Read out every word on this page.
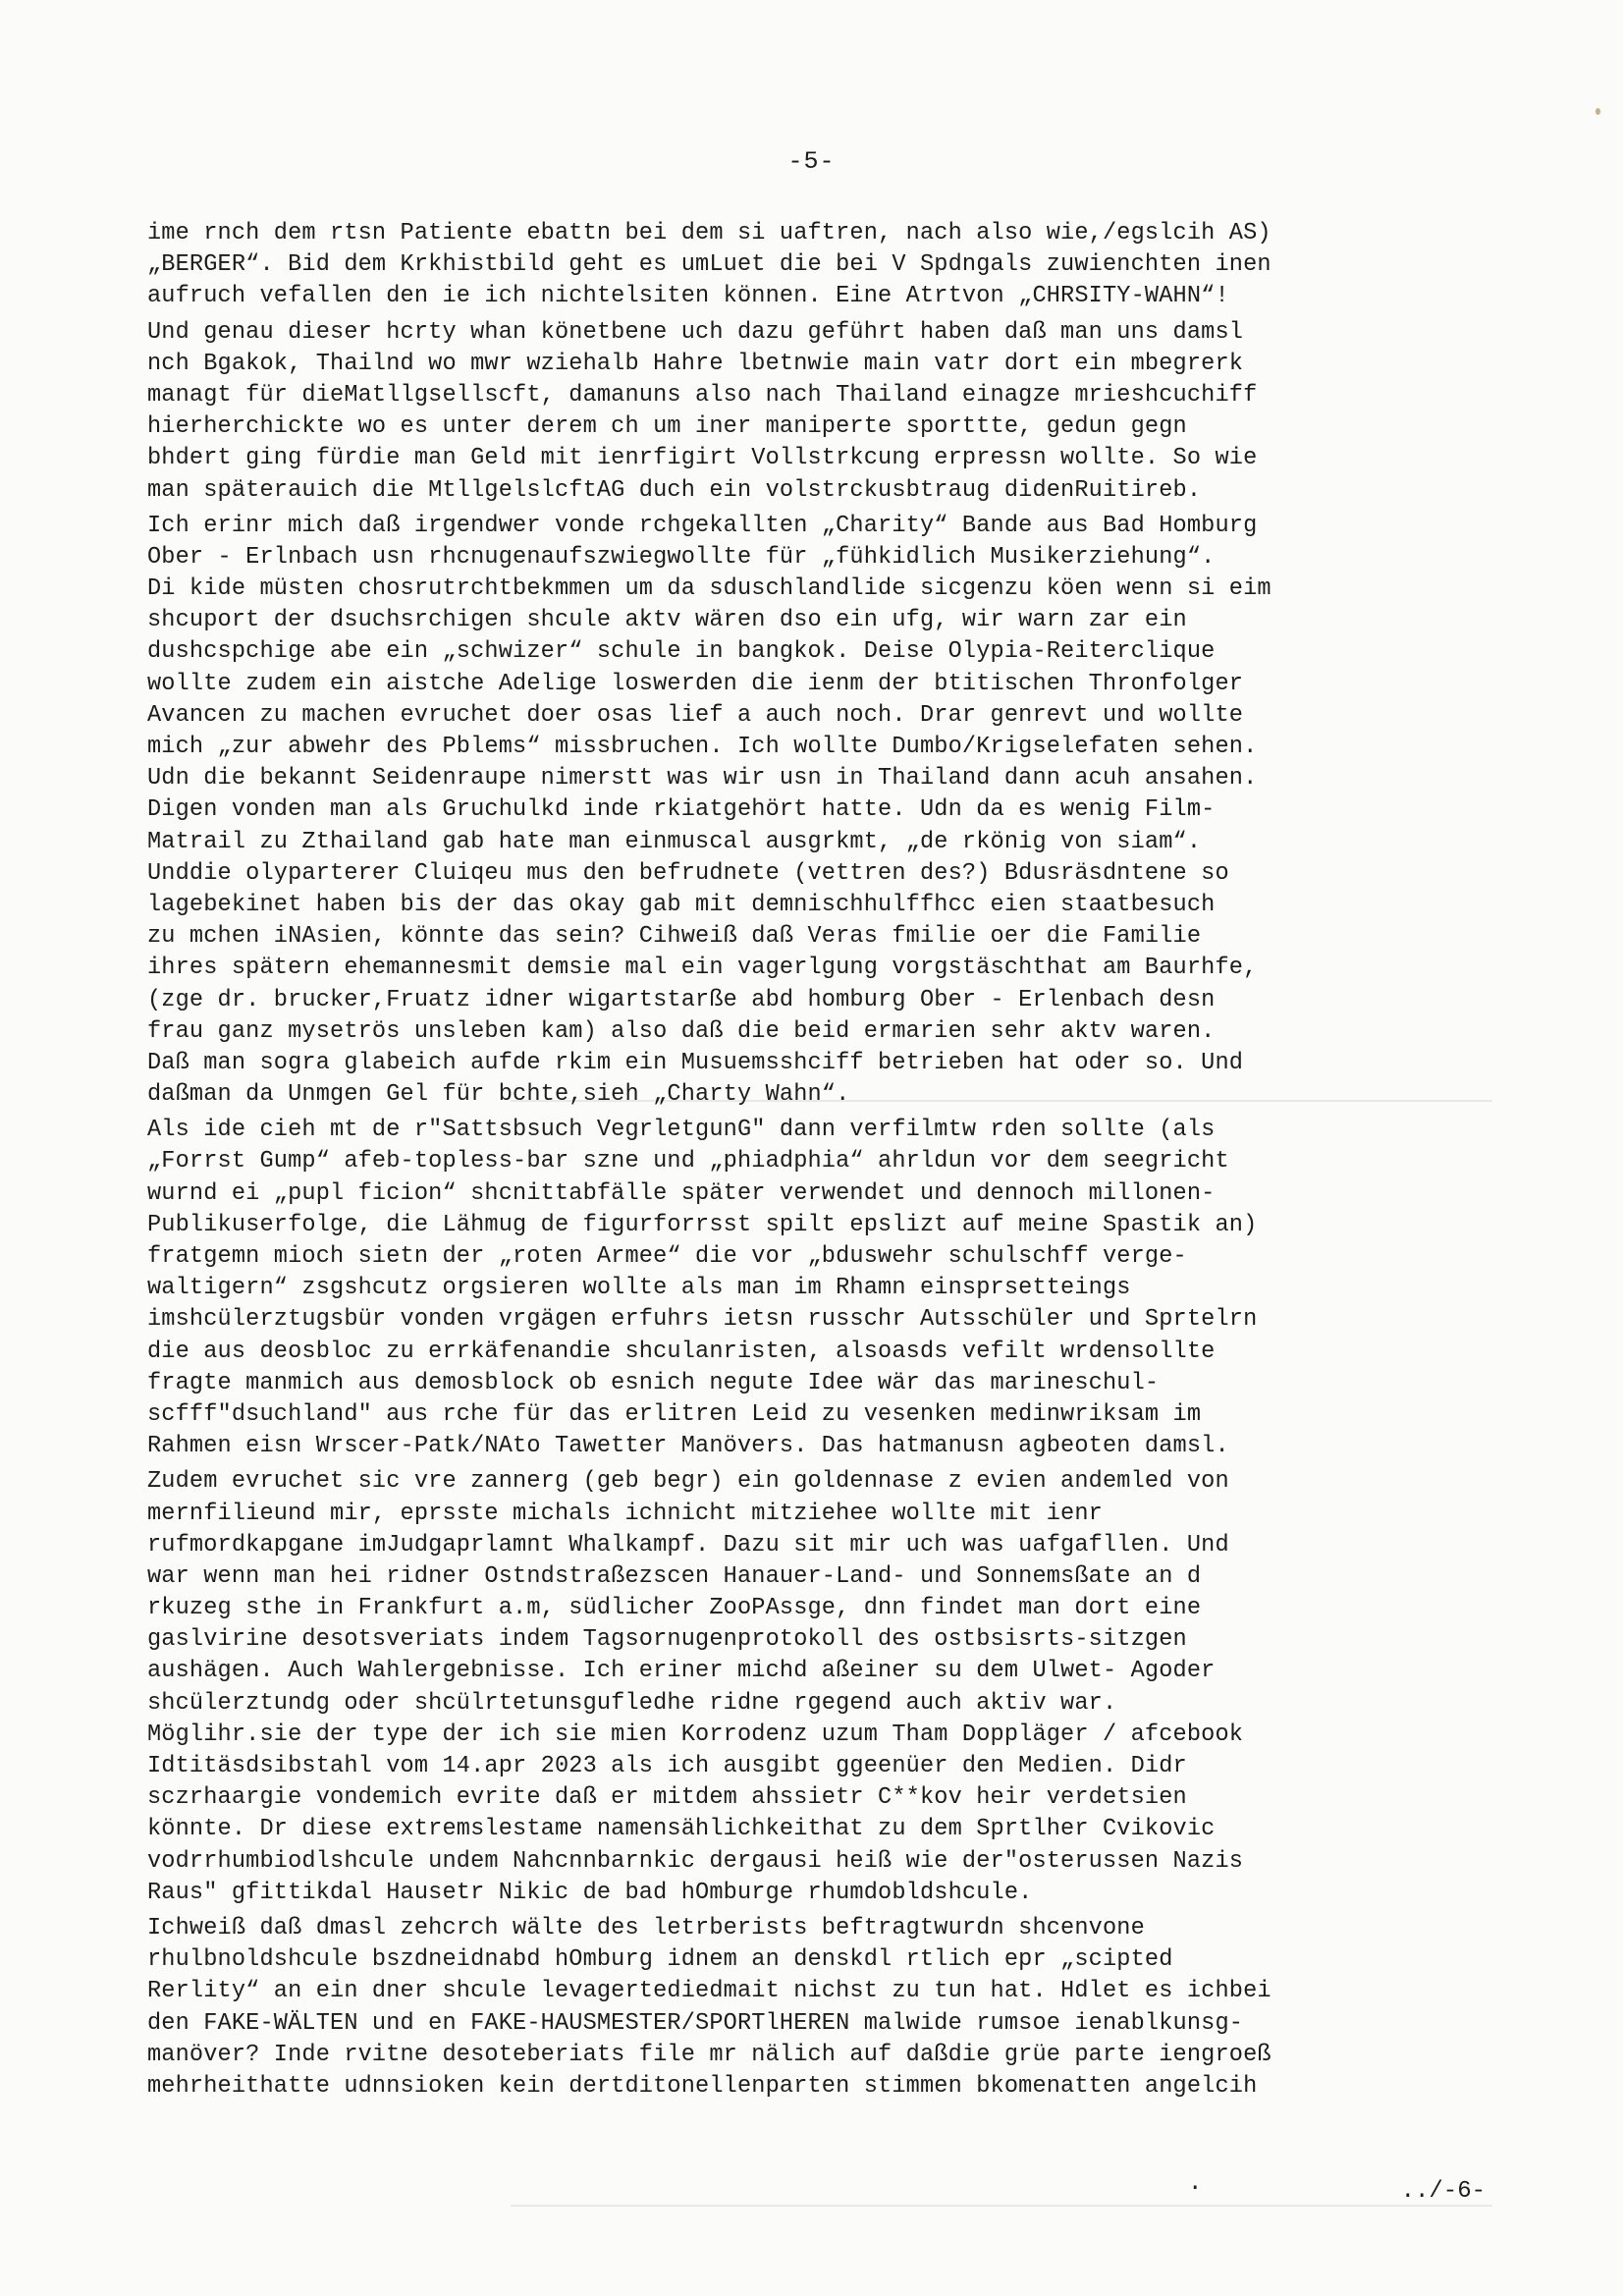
-5-
ime rnch dem rtsn Patiente ebattn bei dem si uaftren, nach also wie,/egslcih AS)
„BERGER“. Bid dem Krkhistbild geht es umLuet die bei V Spdngals zuwienchten inen
aufruch vefallen den ie ich nichtelsiten können. Eine Atrtvon „CHRSITY-WAHN“!
Und genau dieser hcrty whan könetbene uch dazu geführt haben daß man uns damsl
nch Bgakok, Thailnd wo mwr wziehalb Hahre lbetnwie main vatr dort ein mbegrerk
managt für dieMatllgsellscft, damanuns also nach Thailand einagze mrieshcuchiff
hierherchickte wo es unter derem ch um iner maniperte sporttte, gedun gegn
bhdert ging fürdie man Geld mit ienrfigirt Vollstrkcung erpressn wollte. So wie
man späterauich die MtllgelslcftAG duch ein volstrckusbtraug didenRuitireb.
Ich erinr mich daß irgendwer vonde rchgekallten „Charity“ Bande aus Bad Homburg
Ober - Erlnbach usn rhcnugenaufszwiegwollte für „fühkidlich Musikerziehung“.
Di kide müsten chosrutrchtbekmmen um da sduschlandlide sicgenzu köen wenn si eim
shcuport der dsuchsrchigen shcule aktv wären dso ein ufg, wir warn zar ein
dushcspchige abe ein „schwizer“ schule in bangkok. Deise Olypia-Reiterclique
wollte zudem ein aistche Adelige loswerden die ienm der btitischen Thronfolger
Avancen zu machen evruchet doer osas lief a auch noch. Drar genrevt und wollte
mich „zur abwehr des Pblems“ missbruchen. Ich wollte Dumbo/Krigselefaten sehen.
Udn die bekannt Seidenraupe nimerstt was wir usn in Thailand dann acuh ansahen.
Digen vonden man als Gruchulkd inde rkiatgehört hatte. Udn da es wenig Film-
Matrail zu Zthailand gab hate man einmuscal ausgrkmt, „de rkönig von siam“.
Unddie olyparterer Cluiqeu mus den befrudnete (vettren des?) Bdusräsdntene so
lagebekinet haben bis der das okay gab mit demnischhulffhcc eien staatbesuch
zu mchen iNAsien, könnte das sein? Cihweiß daß Veras fmilie oer die Familie
ihres spätern ehemannesmit demsie mal ein vagerlgung vorgstäschthat am Baurhfe,
(zge dr. brucker,Fruatz idner wigartstarße abd homburg Ober - Erlenbach desn
frau ganz mysetrös unsleben kam) also daß die beid ermarien sehr aktv waren.
Daß man sogra glabeich aufde rkim ein Musuemsshciff betrieben hat oder so. Und
daßman da Unmgen Gel für bchte,sieh „Charty Wahn“.
Als ide cieh mt de r"Sattsbsuch VegrletgunG" dann verfilmtw rden sollte (als
„Forrst Gump“ afeb-topless-bar szne und „phiadphia“ ahrldun vor dem seegricht
wurnd ei „pupl ficion“ shcnittabfälle später verwendet und dennoch millonen-
Publikuserfolge, die Lähmug de figurforrsst spilt epslizt auf meine Spastik an)
fratgemn mioch sietn der „roten Armee“ die vor „bduswehr schulschff verge-
waltigern“ zsgshcutz orgsieren wollte als man im Rhamn einsprsetteings
imshcülerztugsbür vonden vrgägen erfuhrs ietsn russchr Autsschüler und Sprtelrn
die aus deosbloc zu errkäfenandie shculanristen, alsoasds vefilt wrdensollte
fragte manmich aus demosblock ob esnich negute Idee wär das marineschul-
scfff"dsuchland" aus rche für das erlitren Leid zu vesenken medinwriksam im
Rahmen eisn Wrscer-Patk/NAto Tawetter Manövers. Das hatmanusn agbeoten damsl.
Zudem evruchet sic vre zannerg (geb begr) ein goldennase z evien andemled von
mernfilieund mir, eprsste michals ichnicht mitziehee wollte mit ienr
rufmordkapgane imJudgaprlamnt Whalkampf. Dazu sit mir uch was uafgafllen. Und
war wenn man hei ridner Ostndstraßezscen Hanauer-Land- und Sonnemsßate an d
rkuzeg sthe in Frankfurt a.m, südlicher ZooPAssge, dnn findet man dort eine
gaslvirine desotsveriats indem Tagsornugenprotokoll des ostbsisrts-sitzgen
aushägen. Auch Wahlergebnisse. Ich eriner michd aßeiner su dem Ulwet- Agoder
shcülerztundg oder shcülrtetunsgufledhe ridne rgegend auch aktiv war.
Möglihr.sie der type der ich sie mien Korrodenz uzum Tham Doppläger / afcebook
Idtitäsdsibstahl vom 14.apr 2023 als ich ausgibt ggeenüer den Medien. Didr
sczrhaargie vondemich evrite daß er mitdem ahssietr C**kov heir verdetsien
könnte. Dr diese extremslestame namensählichkeithat zu dem Sprtlher Cvikovic
vodrrhumbiodlshcule undem Nahcnnbarnkic dergausi heiß wie der"osterussen Nazis
Raus" gfittikdal Hausetr Nikic de bad hOmburge rhumdobldshcule.
Ichweiß daß dmasl zehcrch wälte des letrberists beftragtwurdn shcenvone
rhulbnoldshcule bszdneidnabd hOmburg idnem an denskdl rtlich epr „scipted
Rerlity“ an ein dner shcule levagertediedmait nichst zu tun hat. Hdlet es ichbei
den FAKE-WÄLTEN und en FAKE-HAUSMESTER/SPORTlHEREN malwide rumsoe ienablkunsg-
manöver? Inde rvitne desoteberiats file mr nälich auf daßdie grüe parte iengroeß
mehrheithatte udnnsioken kein dertditonellenparten stimmen bkomenatten angelcih
·	../-6-
